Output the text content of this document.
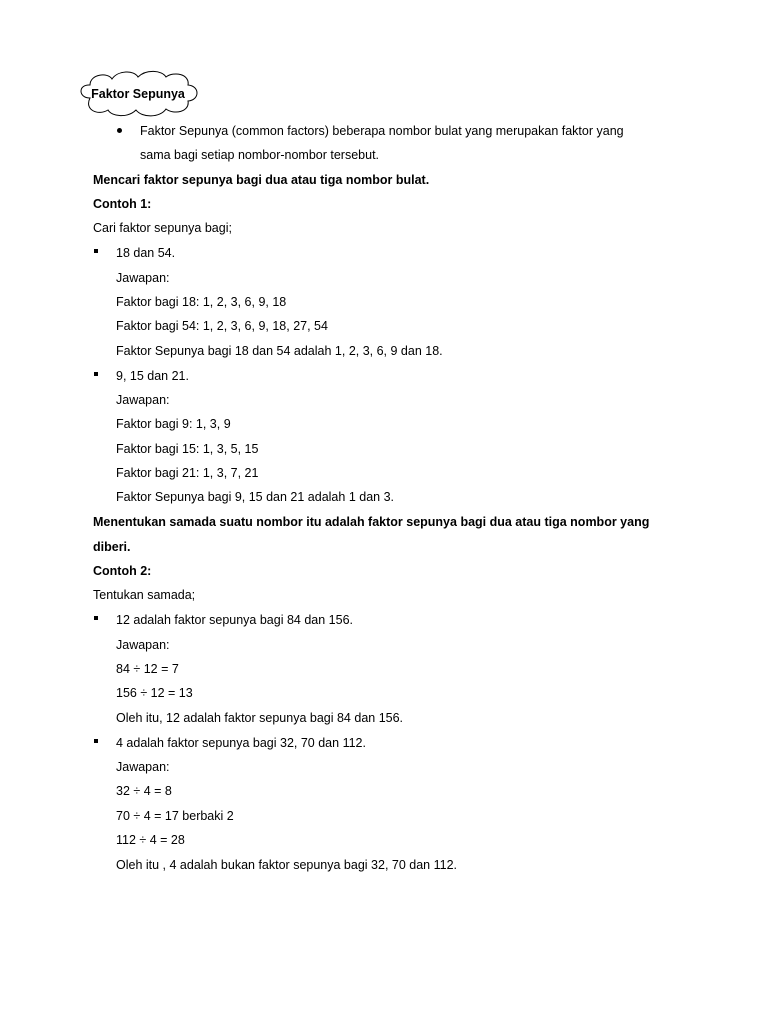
Faktor Sepunya
Faktor Sepunya (common factors) beberapa nombor bulat yang merupakan faktor yang
sama bagi setiap nombor-nombor tersebut.
Mencari faktor sepunya bagi dua atau tiga nombor bulat.
Contoh 1:
Cari faktor sepunya bagi;
18 dan 54.
Jawapan:
Faktor bagi 18: 1, 2, 3, 6, 9, 18
Faktor bagi 54: 1, 2, 3, 6, 9, 18, 27, 54
Faktor Sepunya bagi 18 dan 54 adalah 1, 2, 3, 6, 9 dan 18.
9, 15 dan 21.
Jawapan:
Faktor bagi 9: 1, 3, 9
Faktor bagi 15: 1, 3, 5, 15
Faktor bagi 21: 1, 3, 7, 21
Faktor Sepunya bagi 9, 15 dan 21 adalah 1 dan 3.
Menentukan samada suatu nombor itu adalah faktor sepunya bagi dua atau tiga nombor yang
diberi.
Contoh 2:
Tentukan samada;
12 adalah faktor sepunya bagi 84 dan 156.
Jawapan:
84 ÷ 12 = 7
156 ÷ 12 = 13
Oleh itu, 12 adalah faktor sepunya bagi 84 dan 156.
4 adalah faktor sepunya bagi 32, 70 dan 112.
Jawapan:
32 ÷ 4 = 8
70 ÷ 4 = 17 berbaki 2
112 ÷ 4 = 28
Oleh itu , 4 adalah bukan faktor sepunya bagi 32, 70 dan 112.
